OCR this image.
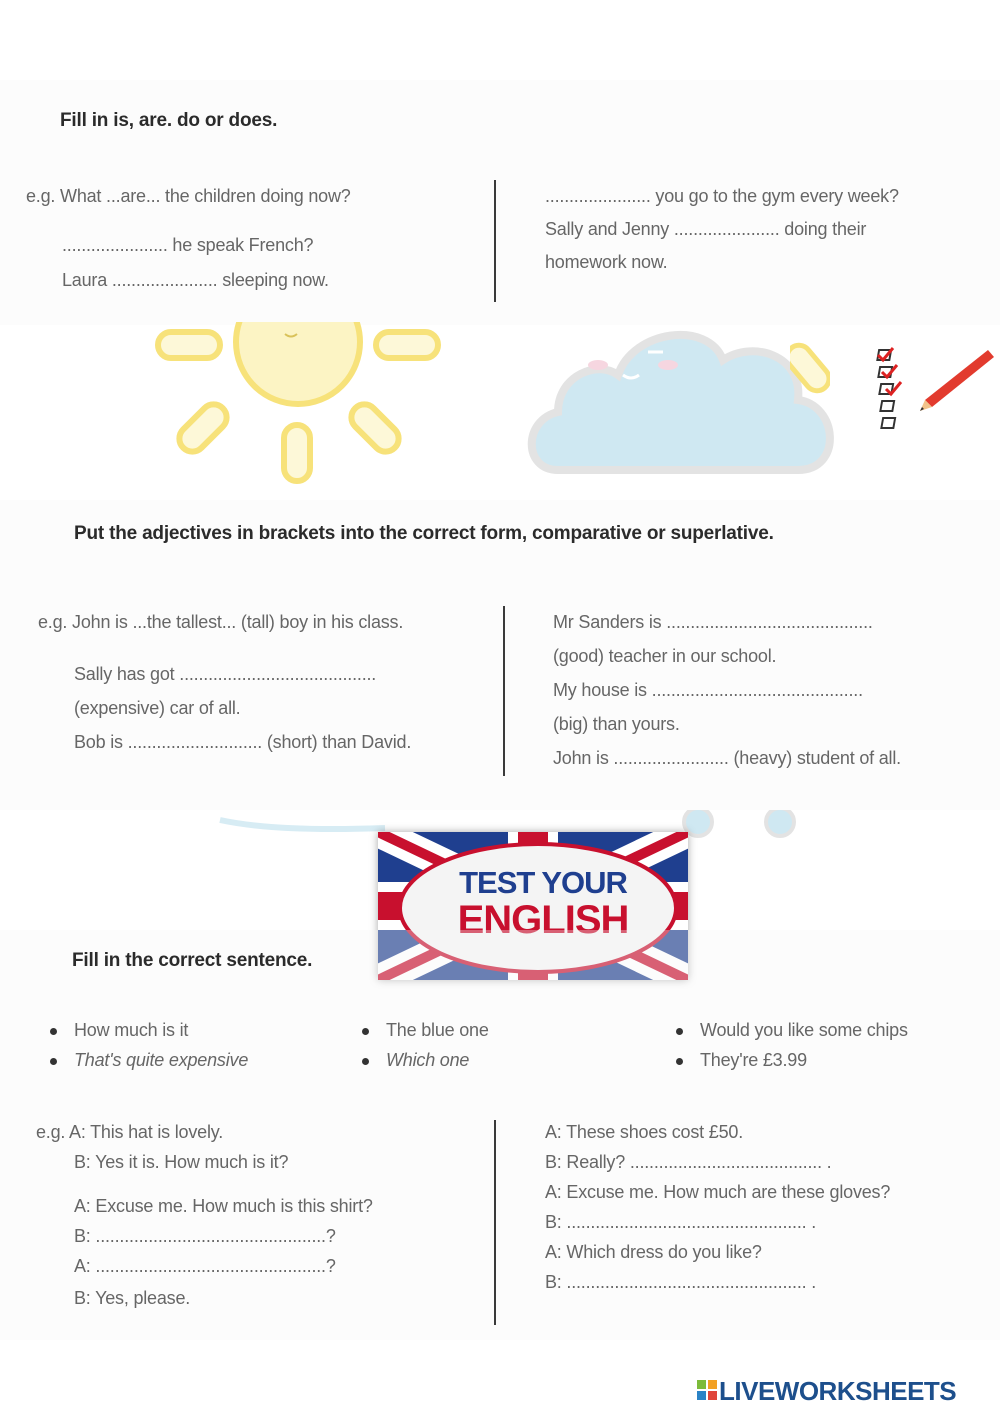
Fill in is, are. do or does.
e.g. What ...are... the children doing now?
...................... he speak French?
Laura ...................... sleeping now.
...................... you go to the gym every week?
Sally and Jenny ...................... doing their
homework now.
Put the adjectives in brackets into the correct form, comparative or superlative.
e.g. John is ...the tallest... (tall) boy in his class.
Sally has got .........................................
(expensive) car of all.
Bob is ............................ (short) than David.
Mr Sanders is ...........................................
(good) teacher in our school.
My house is ............................................
(big) than yours.
John is ........................ (heavy) student of all.
TEST YOUR
ENGLISH
Fill in the correct sentence.
How much is it
That's quite expensive
The blue one
Which one
Would you like some chips
They're £3.99
e.g. A: This hat is lovely.
B: Yes it is. How much is it?
A: Excuse me. How much is this shirt?
B: ................................................?
A: ................................................?
B: Yes, please.
A: These shoes cost £50.
B: Really? ........................................ .
A: Excuse me. How much are these gloves?
B: .................................................. .
A: Which dress do you like?
B: .................................................. .
LIVEWORKSHEETS
